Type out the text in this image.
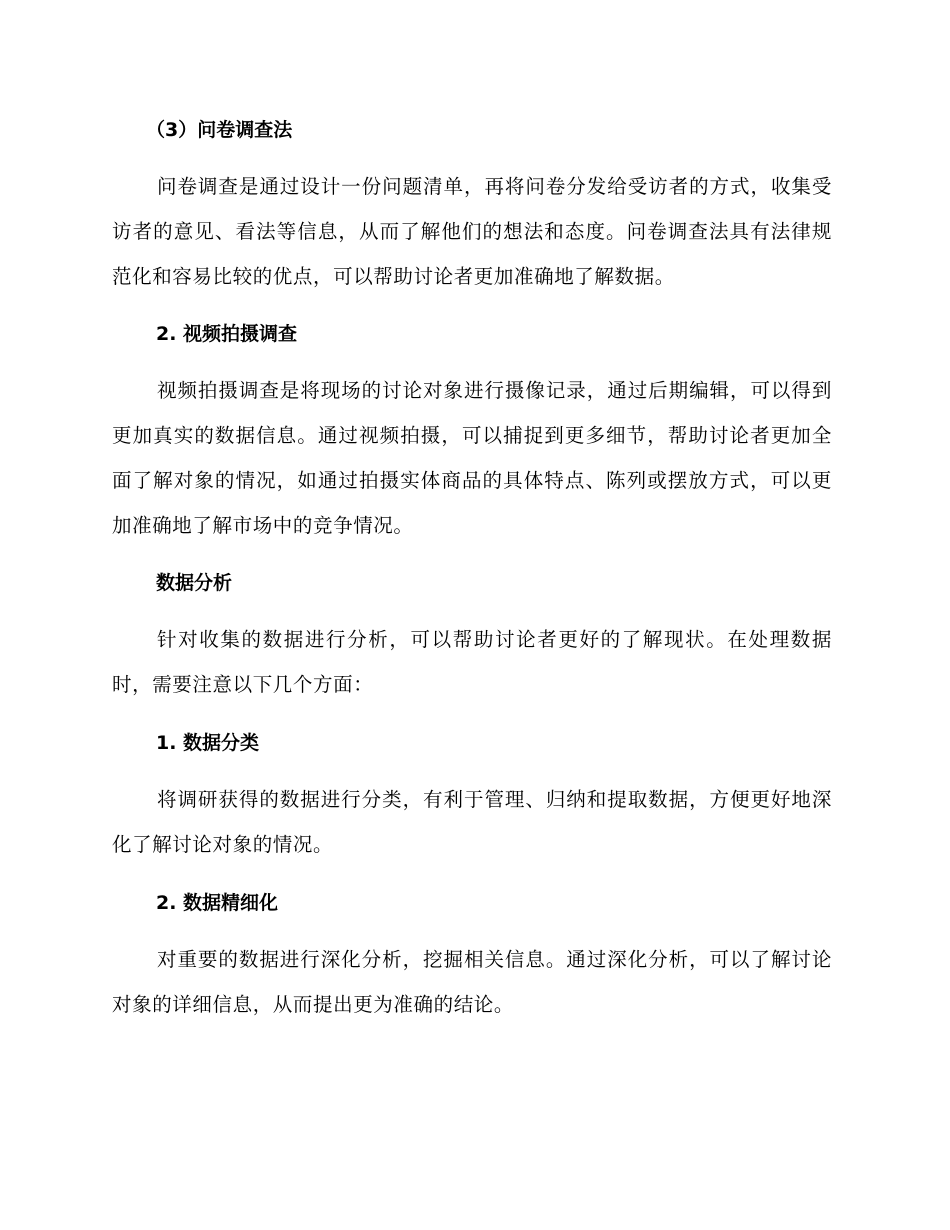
（3）问卷调查法

问卷调查是通过设计一份问题清单，再将问卷分发给受访者的方式，收集受访者的意见、看法等信息，从而了解他们的想法和态度。问卷调查法具有法律规范化和容易比较的优点，可以帮助讨论者更加准确地了解数据。

2. 视频拍摄调查

视频拍摄调查是将现场的讨论对象进行摄像记录，通过后期编辑，可以得到更加真实的数据信息。通过视频拍摄，可以捕捉到更多细节，帮助讨论者更加全面了解对象的情况，如通过拍摄实体商品的具体特点、陈列或摆放方式，可以更加准确地了解市场中的竞争情况。

数据分析

针对收集的数据进行分析，可以帮助讨论者更好的了解现状。在处理数据时，需要注意以下几个方面：

1. 数据分类

将调研获得的数据进行分类，有利于管理、归纳和提取数据，方便更好地深化了解讨论对象的情况。

2. 数据精细化

对重要的数据进行深化分析，挖掘相关信息。通过深化分析，可以了解讨论对象的详细信息，从而提出更为准确的结论。
